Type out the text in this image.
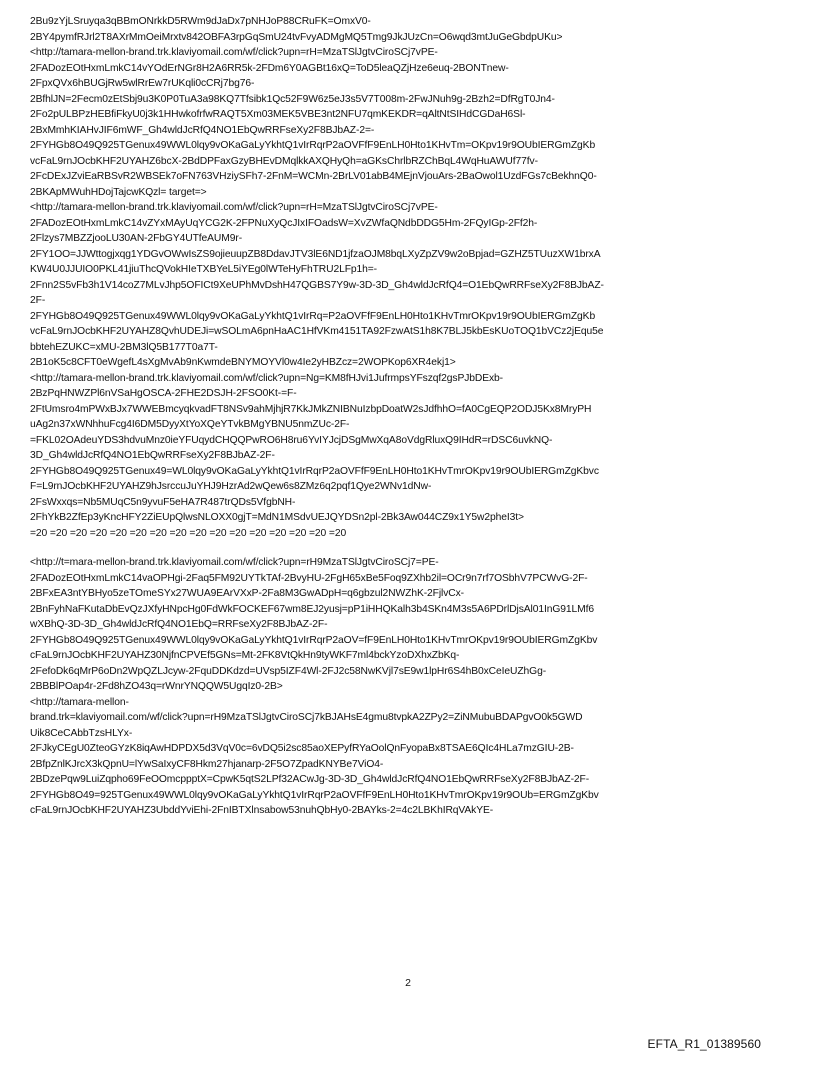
2Bu9zYjLSruyqa3qBBmONrkkD5RWm9dJaDx7pNHJoP88CRuFK=OmxV0-
2BY4pymfRJrl2T8AXrMmOeiMrxtv842OBFA3rpGqSmU24tvFvyADMgMQ5Tmg9JkJUzCn=O6wqd3mtJuGeGbdpUKu>
<http://tamara-mellon-brand.trk.klaviyomail.com/wf/click?upn=rH=MzaTSlJgtvCiroSCj7vPE-
2FADozEOtHxmLmkC14vYOdErNGr8H2A6RR5k-2FDm6Y0AGBt16xQ=ToD5leaQZjHze6euq-2BONTnew-
2FpxQVx6hBUGjRw5wlRrEw7rUKqli0cCRj7bg76-
2BfhlJN=2Fecm0zEtSbj9u3K0P0TuA3a98KQ7Tfsibk1Qc52F9W6z5eJ3s5V7T008m-2FwJNuh9g-2Bzh2=DfRgT0Jn4-
2Fo2pULBPzHEBfiFkyU0j3k1HHwkofrfwRAQT5Xm03MEK5VBE3nt2NFU7qmKEKDR=qAltNtSIHdCGDaH6Sl-
2BxMmhKIAHvJIF6mWF_Gh4wldJcRfQ4NO1EbQwRRFseXy2F8BJbAZ-2=-
2FYHGb8O49Q925TGenux49WWL0lqy9vOKaGaLyYkhtQ1vIrRqrP2aOVFfF9EnLH0Hto1KHvTm=OKpv19r9OUbIERGmZgKb
vcFaL9rnJOcbKHF2UYAHZ6bcX-2BdDPFaxGzyBHEvDMqlkkAXQHyQh=aGKsChrlbRZChBqL4WqHuAWUf77fv-
2FcDExJZviEaRBSvR2WBSEk7oFN763VHziySFh7-2FnM=WCMn-2BrLV01abB4MEjnVjouArs-2BaOwol1UzdFGs7cBekhnQ0-
2BKApMWuhHDojTajcwKQzl= target=>
<http://tamara-mellon-brand.trk.klaviyomail.com/wf/click?upn=rH=MzaTSlJgtvCiroSCj7vPE-
2FADozEOtHxmLmkC14vZYxMAyUqYCG2K-2FPNuXyQcJIxIFOadsW=XvZWfaQNdbDDG5Hm-2FQyIGp-2Ff2h-
2Flzys7MBZZjooLU30AN-2FbGY4UTfeAUM9r-
2FY1OO=JJWttogjxqg1YDGvOWwIsZS9ojieuupZB8DdavJTV3lE6ND1jfzaOJM8bqLXyZpZV9w2oBpjad=GZHZ5TUuzXW1brxA
KW4U0JJUIO0PKL41jiuThcQVokHIeTXBYeL5iYEg0lWTeHyFhTRU2LFp1h=-
2Fnn2S5vFb3h1V14coZ7MLvJhp5OFICt9XeUPhMvDshH47QGBS7Y9w-3D-3D_Gh4wldJcRfQ4=O1EbQwRRFseXy2F8BJbAZ-
2F-
2FYHGb8O49Q925TGenux49WWL0lqy9vOKaGaLyYkhtQ1vIrRq=P2aOVFfF9EnLH0Hto1KHvTmrOKpv19r9OUbIERGmZgKb
vcFaL9rnJOcbKHF2UYAHZ8QvhUDEJi=wSOLmA6pnHaAC1HfVKm4151TA92FzwAtS1h8K7BLJ5kbEsKUoTOQ1bVCz2jEqu5e
bbtehEZUKC=xMU-2BM3lQ5B177T0a7T-
2B1oK5c8CFT0eWgefL4sXgMvAb9nKwmdeBNYMOYVl0w4Ie2yHBZcz=2WOPKop6XR4ekj1>
<http://tamara-mellon-brand.trk.klaviyomail.com/wf/click?upn=Ng=KM8fHJvi1JufrmpsYFszqf2gsPJbDExb-
2BzPqHNWZPl6nVSaHgOSCA-2FHE2DSJH-2FSO0Kt-=F-
2FtUmsro4mPWxBJx7WWEBmcyqkvadFT8NSv9ahMjhjR7KkJMkZNIBNuIzbpDoatW2sJdfhhO=fA0CgEQP2ODJ5Kx8MryPH
uAg2n37xWNhhuFcg4I6DM5DyyXtYoXQeYTvkBMgYBNU5nmZUc-2F-
=FKL02OAdeuYDS3hdvuMnz0ieYFUqydCHQQPwRO6H8ru6YvIYJcjDSgMwXqA8oVdgRluxQ9IHdR=rDSC6uvkNQ-
3D_Gh4wldJcRfQ4NO1EbQwRRFseXy2F8BJbAZ-2F-
2FYHGb8O49Q925TGenux49=WL0lqy9vOKaGaLyYkhtQ1vIrRqrP2aOVFfF9EnLH0Hto1KHvTmrOKpv19r9OUbIERGmZgKbvc
F=L9rnJOcbKHF2UYAHZ9hJsrccuJuYHJ9HzrAd2wQew6s8ZMz6q2pqf1Qye2WNv1dNw-
2FsWxxqs=Nb5MUqC5n9yvuF5eHA7R487trQDs5VfgbNH-
2FhYkB2ZfEp3yKncHFY2ZiEUpQlwsNLOXX0gjT=MdN1MSdvUEJQYDSn2pl-2Bk3Aw044CZ9x1Y5w2pheI3t>
=20 =20 =20 =20 =20 =20 =20 =20 =20 =20 =20 =20 =20 =20 =20 =20
<http://t=mara-mellon-brand.trk.klaviyomail.com/wf/click?upn=rH9MzaTSlJgtvCiroSCj7=PE-
2FADozEOtHxmLmkC14vaOPHgi-2Faq5FM92UYTkTAf-2BvyHU-2FgH65xBe5Foq9ZXhb2il=OCr9n7rf7OSbhV7PCWvG-2F-
2BFxEA3ntYBHyo5zeTOmeSYx27WUA9EArVXxP-2Fa8M3GwADpH=q6gbzul2NWZhK-2FjlvCx-
2BnFyhNaFKutaDbEvQzJXfyHNpcHg0FdWkFOCKEF67wm8EJ2yusj=pP1iHHQKalh3b4SKn4M3s5A6PDrlDjsAl01InG91LMf6
wXBhQ-3D-3D_Gh4wldJcRfQ4NO1EbQ=RRFseXy2F8BJbAZ-2F-
2FYHGb8O49Q925TGenux49WWL0lqy9vOKaGaLyYkhtQ1vIrRqrP2aOV=fF9EnLH0Hto1KHvTmrOKpv19r9OUbIERGmZgKbv
cFaL9rnJOcbKHF2UYAHZ30NjfnCPVEf5GNs=Mt-2FK8VtQkHn9tyWKF7ml4bckYzoDXhxZbKq-
2FefoDk6qMrP6oDn2WpQZLJcyw-2FquDDKdzd=UVsp5IZF4Wl-2FJ2c58NwKVjl7sE9w1lpHr6S4hB0xCeIeUZhGg-
2BBBlPOap4r-2Fd8hZO43q=rWnrYNQQW5UgqIz0-2B>
<http://tamara-mellon-
brand.trk=klaviyomail.com/wf/click?upn=rH9MzaTSlJgtvCiroSCj7kBJAHsE4gmu8tvpkA2ZPy2=ZiNMubuBDAPgvO0k5GWD
Uik8CeCAbbTzsHLYx-
2FJkyCEgU0ZteoGYzK8iqAwHDPDX5d3VqV0c=6vDQ5i2sc85aoXEPyfRYaOolQnFyopaBx8TSAE6QIc4HLa7mzGIU-2B-
2BfpZnlKJrcX3kQpnU=lYwSaIxyCF8Hkm27hjanarp-2F5O7ZpadKNYBe7ViO4-
2BDzePqw9LuiZqpho69FeOOmcppptX=CpwK5qtS2LPf32ACwJg-3D-3D_Gh4wldJcRfQ4NO1EbQwRRFseXy2F8BJbAZ-2F-
2FYHGb8O49=925TGenux49WWL0lqy9vOKaGaLyYkhtQ1vIrRqrP2aOVFfF9EnLH0Hto1KHvTmrOKpv19r9OUb=ERGmZgKbv
cFaL9rnJOcbKHF2UYAHZ3UbddYviEhi-2FnIBTXlnsabow53nuhQbHy0-2BAYks-2=4c2LBKhIRqVAkYE-
2
EFTA_R1_01389560
